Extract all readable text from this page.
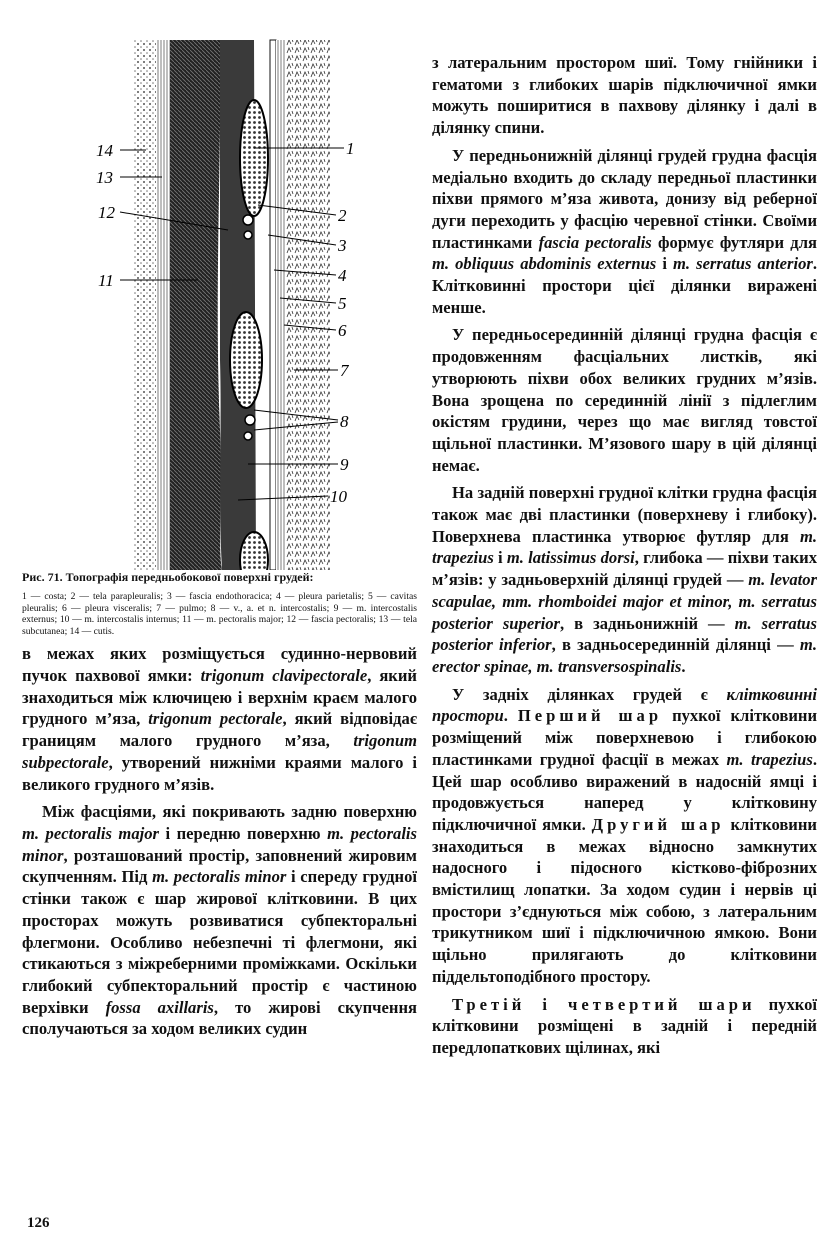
14
13
12
11
1
2
3
4
5
6
7
8
9
10
Рис. 71. Топографія передньобокової поверхні грудей:
1 — costa; 2 — tela paraplеuralis; 3 — fascia endothoracica; 4 — pleura parietalis; 5 — cavitas pleuralis; 6 — pleura visceralis; 7 — pulmo; 8 — v., a. et n. intercostalis; 9 — m. intercostalis externus; 10 — m. intercostalis internus; 11 — m. pectoralis major; 12 — fascia pectoralis; 13 — tela subcutanea; 14 — cutis.

в межах яких розміщується судинно-нервовий пучок пахвової ямки: trigonum clavipectorale, який знаходиться між ключицею і верхнім краєм малого грудного м’яза, trigonum pectorale, який відповідає границям малого грудного м’яза, trigonum subpectorale, утворений нижніми краями малого і великого грудного м’язів.

Між фасціями, які покривають задню поверхню m. pectoralis major і передню поверхню m. pectoralis minor, розташований простір, заповнений жировим скупченням. Під m. pectoralis minor і спереду грудної стінки також є шар жирової клітковини. В цих просторах можуть розвиватися субпекторальні флегмони. Особливо небезпечні ті флегмони, які стикаються з міжреберними проміжками. Оскільки глибокий субпекторальний простір є частиною верхівки fossa axillaris, то жирові скупчення сполучаються за ходом великих судин

з латеральним простором шиї. Тому гнійники і гематоми з глибоких шарів підключичної ямки можуть поширитися в пахвову ділянку і далі в ділянку спини.

У передньонижній ділянці грудей грудна фасція медіально входить до складу передньої пластинки піхви прямого м’яза живота, донизу від реберної дуги переходить у фасцію черевної стінки. Своїми пластинками fascia pectoralis формує футляри для m. obliquus abdominis externus і m. serratus anterior. Клітковинні простори цієї ділянки виражені менше.

У передньосерединній ділянці грудна фасція є продовженням фасціальних листків, які утворюють піхви обох великих грудних м’язів. Вона зрощена по серединній лінії з підлеглим окістям грудини, через що має вигляд товстої щільної пластинки. М’язового шару в цій ділянці немає.

На задній поверхні грудної клітки грудна фасція також має дві пластинки (поверхневу і глибоку). Поверхнева пластинка утворює футляр для m. trapezius і m. latissimus dorsi, глибока — піхви таких м’язів: у задньоверхній ділянці грудей — m. levator scapulae, mm. rhomboidei major et minor, m. serratus posterior superior, в задньонижній — m. serratus posterior inferior, в задньосерединній ділянці — m. erector spinae, m. transversospinalis.

У задніх ділянках грудей є клітковинні простори. Перший шар пухкої клітковини розміщений між поверхневою і глибокою пластинками грудної фасції в межах m. trapezius. Цей шар особливо виражений в надосній ямці і продовжується наперед у клітковину підключичної ямки. Другий шар клітковини знаходиться в межах відносно замкнутих надосного і підосного кістково-фіброзних вмістилищ лопатки. За ходом судин і нервів ці простори з’єднуються між собою, з латеральним трикутником шиї і підключичною ямкою. Вони щільно прилягають до клітковини піддельтоподібного простору.

Третій і четвертий шари пухкої клітковини розміщені в задній і передній передлопаткових щілинах, які

126
